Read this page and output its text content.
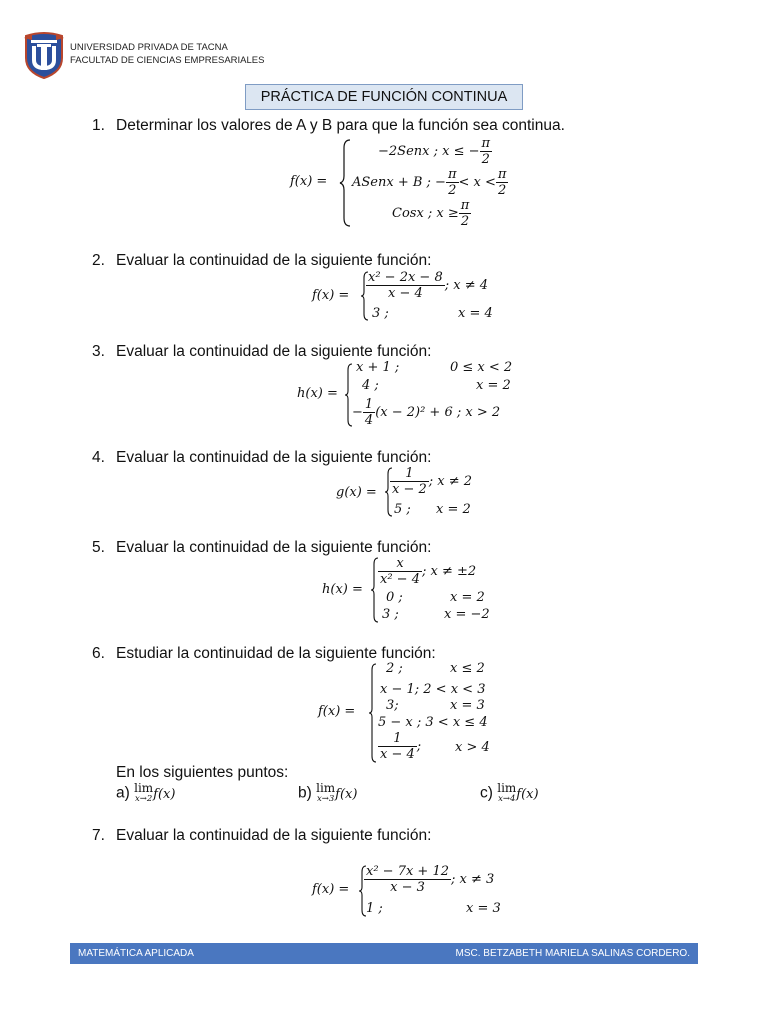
UNIVERSIDAD PRIVADA DE TACNA
FACULTAD DE CIENCIAS EMPRESARIALES
PRÁCTICA DE FUNCIÓN CONTINUA
1. Determinar los valores de A y B para que la función sea continua.
f(x) =
−2Senx ; x ≤ − $\frac{\pi}{2}$
ASenx + B ; − $\frac{\pi}{2} < x < \frac{\pi}{2}$
Cosx ; $x \ge \frac{\pi}{2}$
2. Evaluar la continuidad de la siguiente función:
$f(x) = \frac{\text{x² − 2x − 8}}{x - 4}$ ; x ≠ 4
3 ;	x = 4
3. Evaluar la continuidad de la siguiente función:
h(x) =
x + 1 ;	0 ≤ x < 2
4 ;	x = 2
− $\frac{1}{4} (x - 2)^2 + 6$ ; x > 2
4. Evaluar la continuidad de la siguiente función:
$g(x) = \frac{1}{x - 2}$ ; x ≠ 2
5 ; x = 2
5. Evaluar la continuidad de la siguiente función:
h(x) =
$\frac{x}{\text{x² − 4}}$ ; x ≠ ±2
0 ;	x = 2
3 ;	x = −2
6. Estudiar la continuidad de la siguiente función:
f(x) =
2 ;	x ≤ 2
x − 1; 2 < x < 3
3;	x = 3
5 − x ; 3 < x ≤ 4
$\frac{1}{x - 4}$ ;	x > 4
En los siguientes puntos:
a) lim
x→2 f(x)	b) lim
x→3 f(x)	c) lim
x→4 f(x)
7. Evaluar la continuidad de la siguiente función:
$f(x) = \frac{\text{x² − 7x + 12}}{x - 3}$ ; x ≠ 3
1 ;	x = 3
MATEMÁTICA APLICADA	MSC. BETZABETH MARIELA SALINAS CORDERO.
